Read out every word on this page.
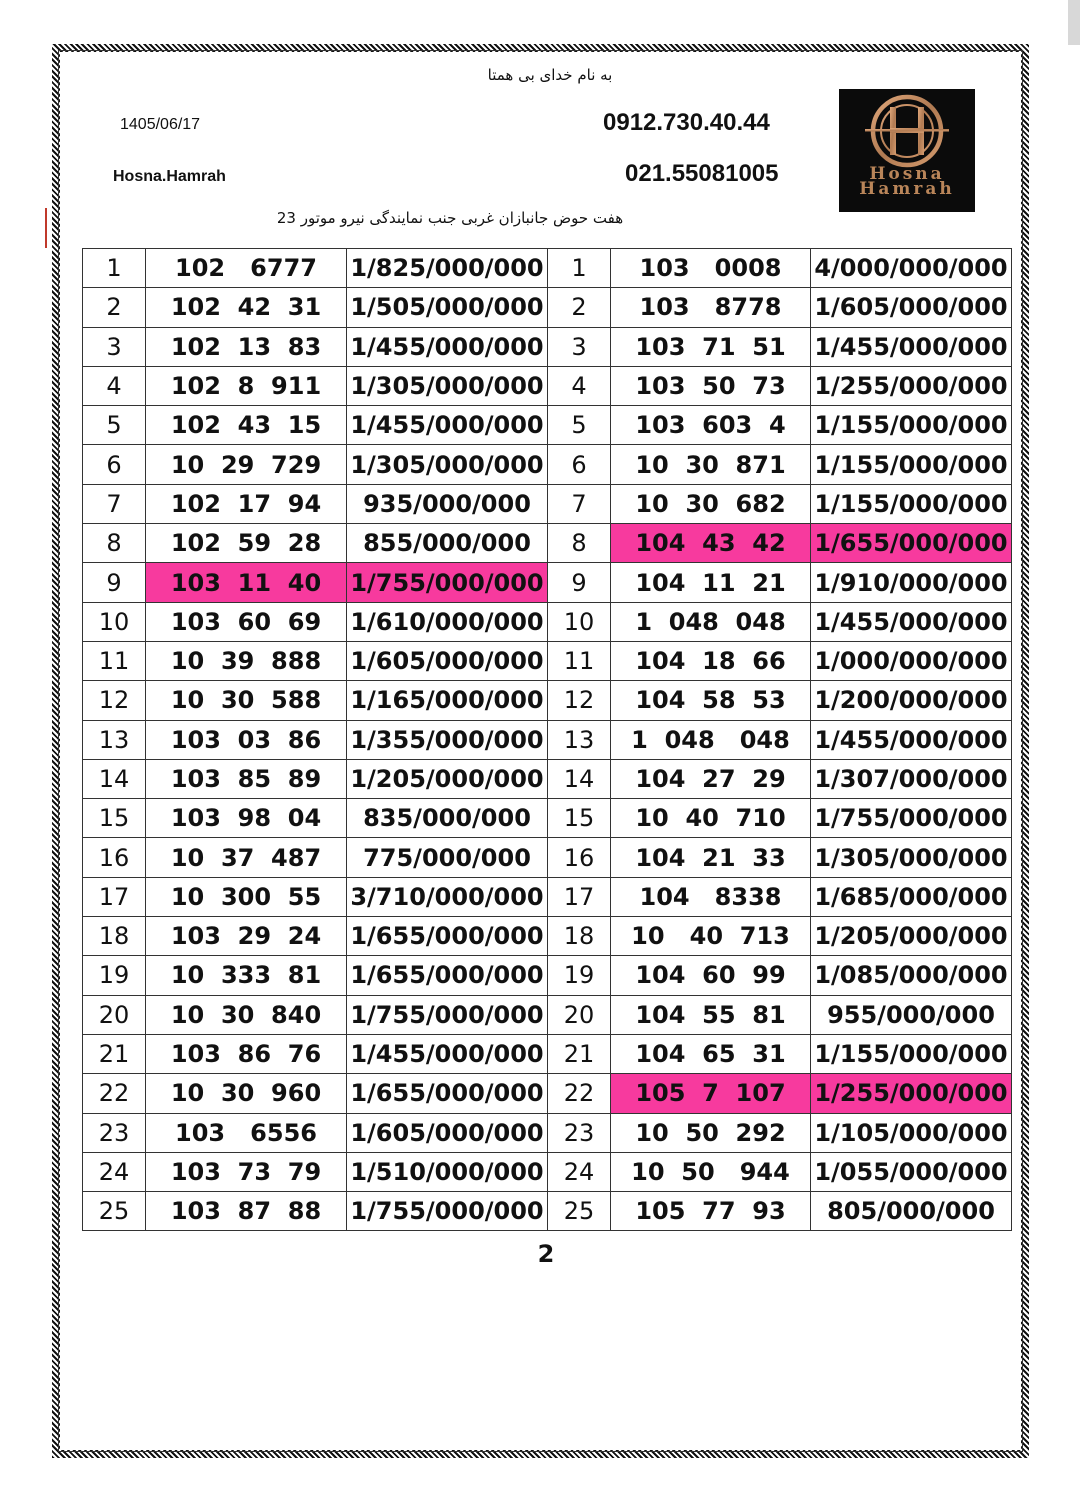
به نام خدای بی همتا
1405/06/17
Hosna.Hamrah
0912.730.40.44
021.55081005	Hosna
Hamrah
هفت حوض جانبازان غربی جنب نمایندگی نیرو موتور 23
1	102   6777	1/825/000/000	1	103   0008	4/000/000/000
2	102  42  31	1/505/000/000	2	103   8778	1/605/000/000
3	102  13  83	1/455/000/000	3	103  71  51	1/455/000/000
4	102  8  911	1/305/000/000	4	103  50  73	1/255/000/000
5	102  43  15	1/455/000/000	5	103  603  4	1/155/000/000
6	10  29  729	1/305/000/000	6	10  30  871	1/155/000/000
7	102  17  94	935/000/000	7	10  30  682	1/155/000/000
8	102  59  28	855/000/000	8	104  43  42	1/655/000/000
9	103  11  40	1/755/000/000	9	104  11  21	1/910/000/000
10	103  60  69	1/610/000/000	10	1  048  048	1/455/000/000
11	10  39  888	1/605/000/000	11	104  18  66	1/000/000/000
12	10  30  588	1/165/000/000	12	104  58  53	1/200/000/000
13	103  03  86	1/355/000/000	13	1  048   048	1/455/000/000
14	103  85  89	1/205/000/000	14	104  27  29	1/307/000/000
15	103  98  04	835/000/000	15	10  40  710	1/755/000/000
16	10  37  487	775/000/000	16	104  21  33	1/305/000/000
17	10  300  55	3/710/000/000	17	104   8338	1/685/000/000
18	103  29  24	1/655/000/000	18	10   40  713	1/205/000/000
19	10  333  81	1/655/000/000	19	104  60  99	1/085/000/000
20	10  30  840	1/755/000/000	20	104  55  81	955/000/000
21	103  86  76	1/455/000/000	21	104  65  31	1/155/000/000
22	10  30  960	1/655/000/000	22	105  7  107	1/255/000/000
23	103   6556	1/605/000/000	23	10  50  292	1/105/000/000
24	103  73  79	1/510/000/000	24	10  50   944	1/055/000/000
25	103  87  88	1/755/000/000	25	105  77  93	805/000/000
2
